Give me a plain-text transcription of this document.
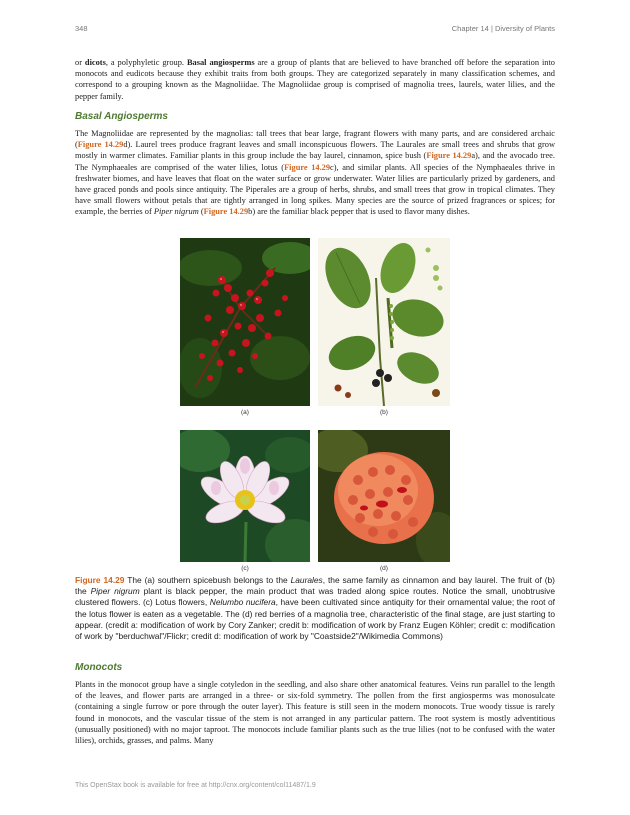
348	Chapter 14 | Diversity of Plants

or dicots, a polyphyletic group. Basal angiosperms are a group of plants that are believed to have branched off before the separation into monocots and eudicots because they exhibit traits from both groups. They are categorized separately in many classification schemes, and correspond to a grouping known as the Magnoliidae. The Magnoliidae group is comprised of magnolia trees, laurels, water lilies, and the pepper family.

Basal Angiosperms

The Magnoliidae are represented by the magnolias: tall trees that bear large, fragrant flowers with many parts, and are considered archaic (Figure 14.29d). Laurel trees produce fragrant leaves and small inconspicuous flowers. The Laurales are small trees and shrubs that grow mostly in warmer climates. Familiar plants in this group include the bay laurel, cinnamon, spice bush (Figure 14.29a), and the avocado tree. The Nymphaeales are comprised of the water lilies, lotus (Figure 14.29c), and similar plants. All species of the Nymphaeales thrive in freshwater biomes, and have leaves that float on the water surface or grow underwater. Water lilies are particularly prized by gardeners, and have graced ponds and pools since antiquity. The Piperales are a group of herbs, shrubs, and small trees that grow in tropical climates. They have small flowers without petals that are tightly arranged in long spikes. Many species are the source of prized fragrances or spices; for example, the berries of Piper nigrum (Figure 14.29b) are the familiar black pepper that is used to flavor many dishes.

(a)	(b)
(c)	(d)

Figure 14.29 The (a) southern spicebush belongs to the Laurales, the same family as cinnamon and bay laurel. The fruit of (b) the Piper nigrum plant is black pepper, the main product that was traded along spice routes. Notice the small, unobtrusive clustered flowers. (c) Lotus flowers, Nelumbo nucifera, have been cultivated since antiquity for their ornamental value; the root of the lotus flower is eaten as a vegetable. The (d) red berries of a magnolia tree, characteristic of the final stage, are just starting to appear. (credit a: modification of work by Cory Zanker; credit b: modification of work by Franz Eugen Köhler; credit c: modification of work by "berduchwal"/Flickr; credit d: modification of work by "Coastside2"/Wikimedia Commons)

Monocots

Plants in the monocot group have a single cotyledon in the seedling, and also share other anatomical features. Veins run parallel to the length of the leaves, and flower parts are arranged in a three- or six-fold symmetry. The pollen from the first angiosperms was monosulcate (containing a single furrow or pore through the outer layer). This feature is still seen in the modern monocots. True woody tissue is rarely found in monocots, and the vascular tissue of the stem is not arranged in any particular pattern. The root system is mostly adventitious (unusually positioned) with no major taproot. The monocots include familiar plants such as the true lilies (not to be confused with the water lilies), orchids, grasses, and palms. Many

This OpenStax book is available for free at http://cnx.org/content/col11487/1.9
